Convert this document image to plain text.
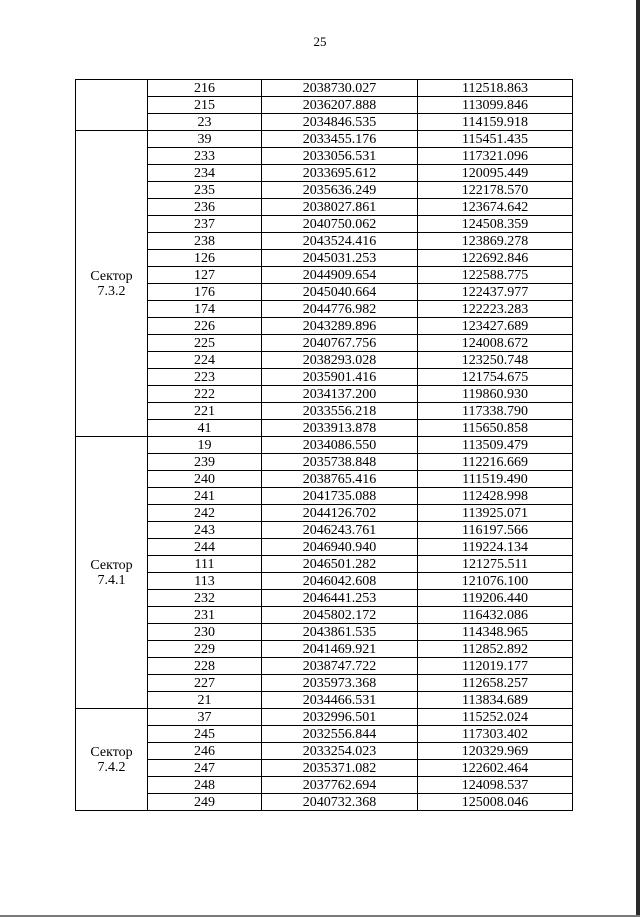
25
	216	2038730.027	112518.863
	215	2036207.888	113099.846
	23	2034846.535	114159.918

Сектор
7.3.2	39	2033455.176	115451.435
	233	2033056.531	117321.096
	234	2033695.612	120095.449
	235	2035636.249	122178.570
	236	2038027.861	123674.642
	237	2040750.062	124508.359
	238	2043524.416	123869.278
	126	2045031.253	122692.846
	127	2044909.654	122588.775
	176	2045040.664	122437.977
	174	2044776.982	122223.283
	226	2043289.896	123427.689
	225	2040767.756	124008.672
	224	2038293.028	123250.748
	223	2035901.416	121754.675
	222	2034137.200	119860.930
	221	2033556.218	117338.790
	41	2033913.878	115650.858

Сектор
7.4.1	19	2034086.550	113509.479
	239	2035738.848	112216.669
	240	2038765.416	111519.490
	241	2041735.088	112428.998
	242	2044126.702	113925.071
	243	2046243.761	116197.566
	244	2046940.940	119224.134
	111	2046501.282	121275.511
	113	2046042.608	121076.100
	232	2046441.253	119206.440
	231	2045802.172	116432.086
	230	2043861.535	114348.965
	229	2041469.921	112852.892
	228	2038747.722	112019.177
	227	2035973.368	112658.257
	21	2034466.531	113834.689

Сектор
7.4.2	37	2032996.501	115252.024
	245	2032556.844	117303.402
	246	2033254.023	120329.969
	247	2035371.082	122602.464
	248	2037762.694	124098.537
	249	2040732.368	125008.046
